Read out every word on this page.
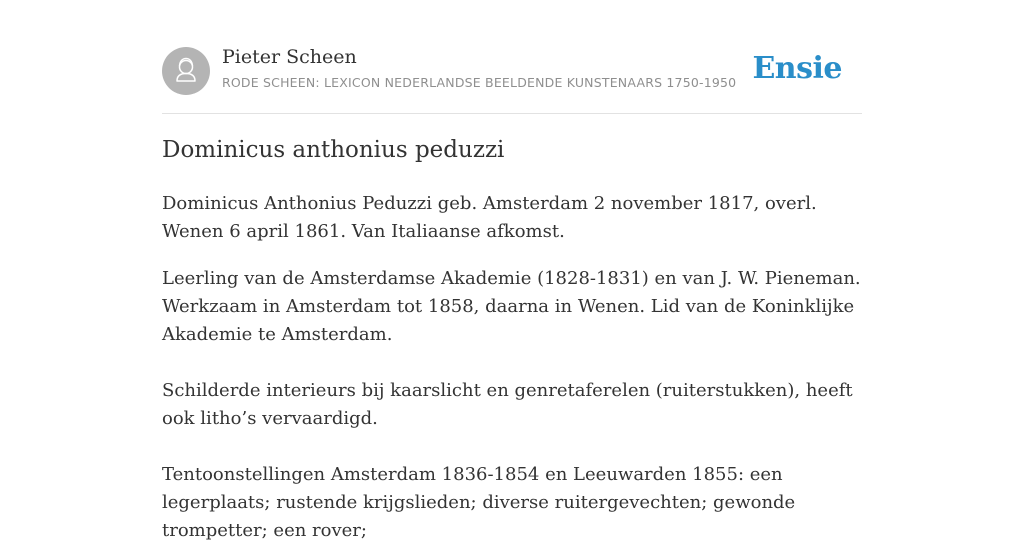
Pieter Scheen
RODE SCHEEN: LEXICON NEDERLANDSE BEELDENDE KUNSTENAARS 1750-1950 Ensie
Dominicus anthonius peduzzi

Dominicus Anthonius Peduzzi geb. Amsterdam 2 november 1817, overl. Wenen 6 april 1861. Van Italiaanse afkomst.

Leerling van de Amsterdamse Akademie (1828-1831) en van J. W. Pieneman. Werkzaam in Amsterdam tot 1858, daarna in Wenen. Lid van de Koninklijke Akademie te Amsterdam.

Schilderde interieurs bij kaarslicht en genretaferelen (ruiterstukken), heeft ook litho’s vervaardigd.

Tentoonstellingen Amsterdam 1836-1854 en Leeuwarden 1855: een legerplaats; rustende krijgslieden; diverse ruitergevechten; gewonde trompetter; een rover;
